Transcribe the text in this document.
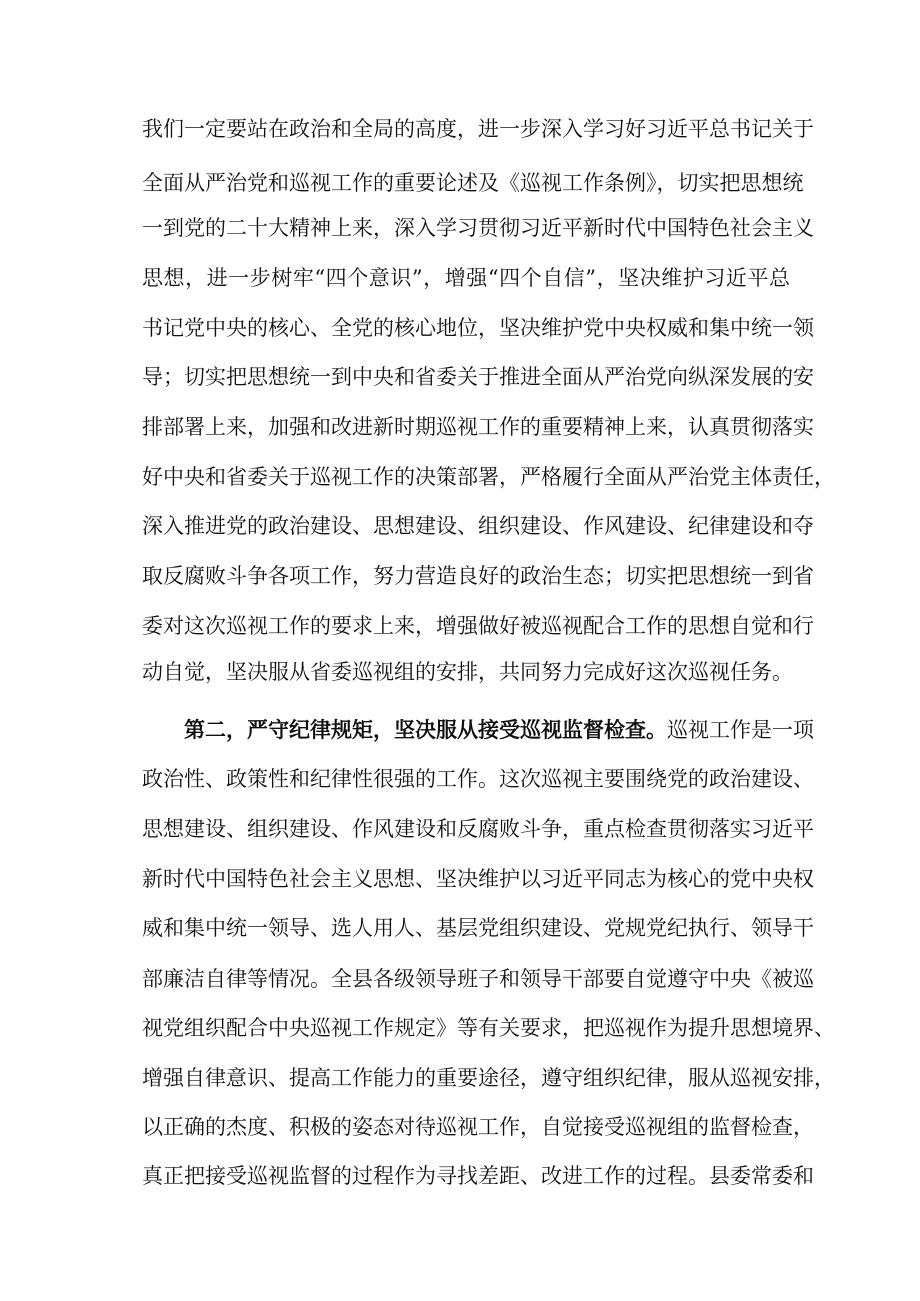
我们一定要站在政治和全局的高度，进一步深入学习好习近平总书记关于
全面从严治党和巡视工作的重要论述及《巡视工作条例》，切实把思想统
一到党的二十大精神上来，深入学习贯彻习近平新时代中国特色社会主义
思想，进一步树牢“四个意识”，增强“四个自信”，坚决维护习近平总
书记党中央的核心、全党的核心地位，坚决维护党中央权威和集中统一领
导；切实把思想统一到中央和省委关于推进全面从严治党向纵深发展的安
排部署上来，加强和改进新时期巡视工作的重要精神上来，认真贯彻落实
好中央和省委关于巡视工作的决策部署，严格履行全面从严治党主体责任，
深入推进党的政治建设、思想建设、组织建设、作风建设、纪律建设和夺
取反腐败斗争各项工作，努力营造良好的政治生态；切实把思想统一到省
委对这次巡视工作的要求上来，增强做好被巡视配合工作的思想自觉和行
动自觉，坚决服从省委巡视组的安排，共同努力完成好这次巡视任务。
第二，严守纪律规矩，坚决服从接受巡视监督检查。巡视工作是一项
政治性、政策性和纪律性很强的工作。这次巡视主要围绕党的政治建设、
思想建设、组织建设、作风建设和反腐败斗争，重点检查贯彻落实习近平
新时代中国特色社会主义思想、坚决维护以习近平同志为核心的党中央权
威和集中统一领导、选人用人、基层党组织建设、党规党纪执行、领导干
部廉洁自律等情况。全县各级领导班子和领导干部要自觉遵守中央《被巡
视党组织配合中央巡视工作规定》等有关要求，把巡视作为提升思想境界、
增强自律意识、提高工作能力的重要途径，遵守组织纪律，服从巡视安排，
以正确的杰度、积极的姿态对待巡视工作，自觉接受巡视组的监督检查，
真正把接受巡视监督的过程作为寻找差距、改进工作的过程。县委常委和
